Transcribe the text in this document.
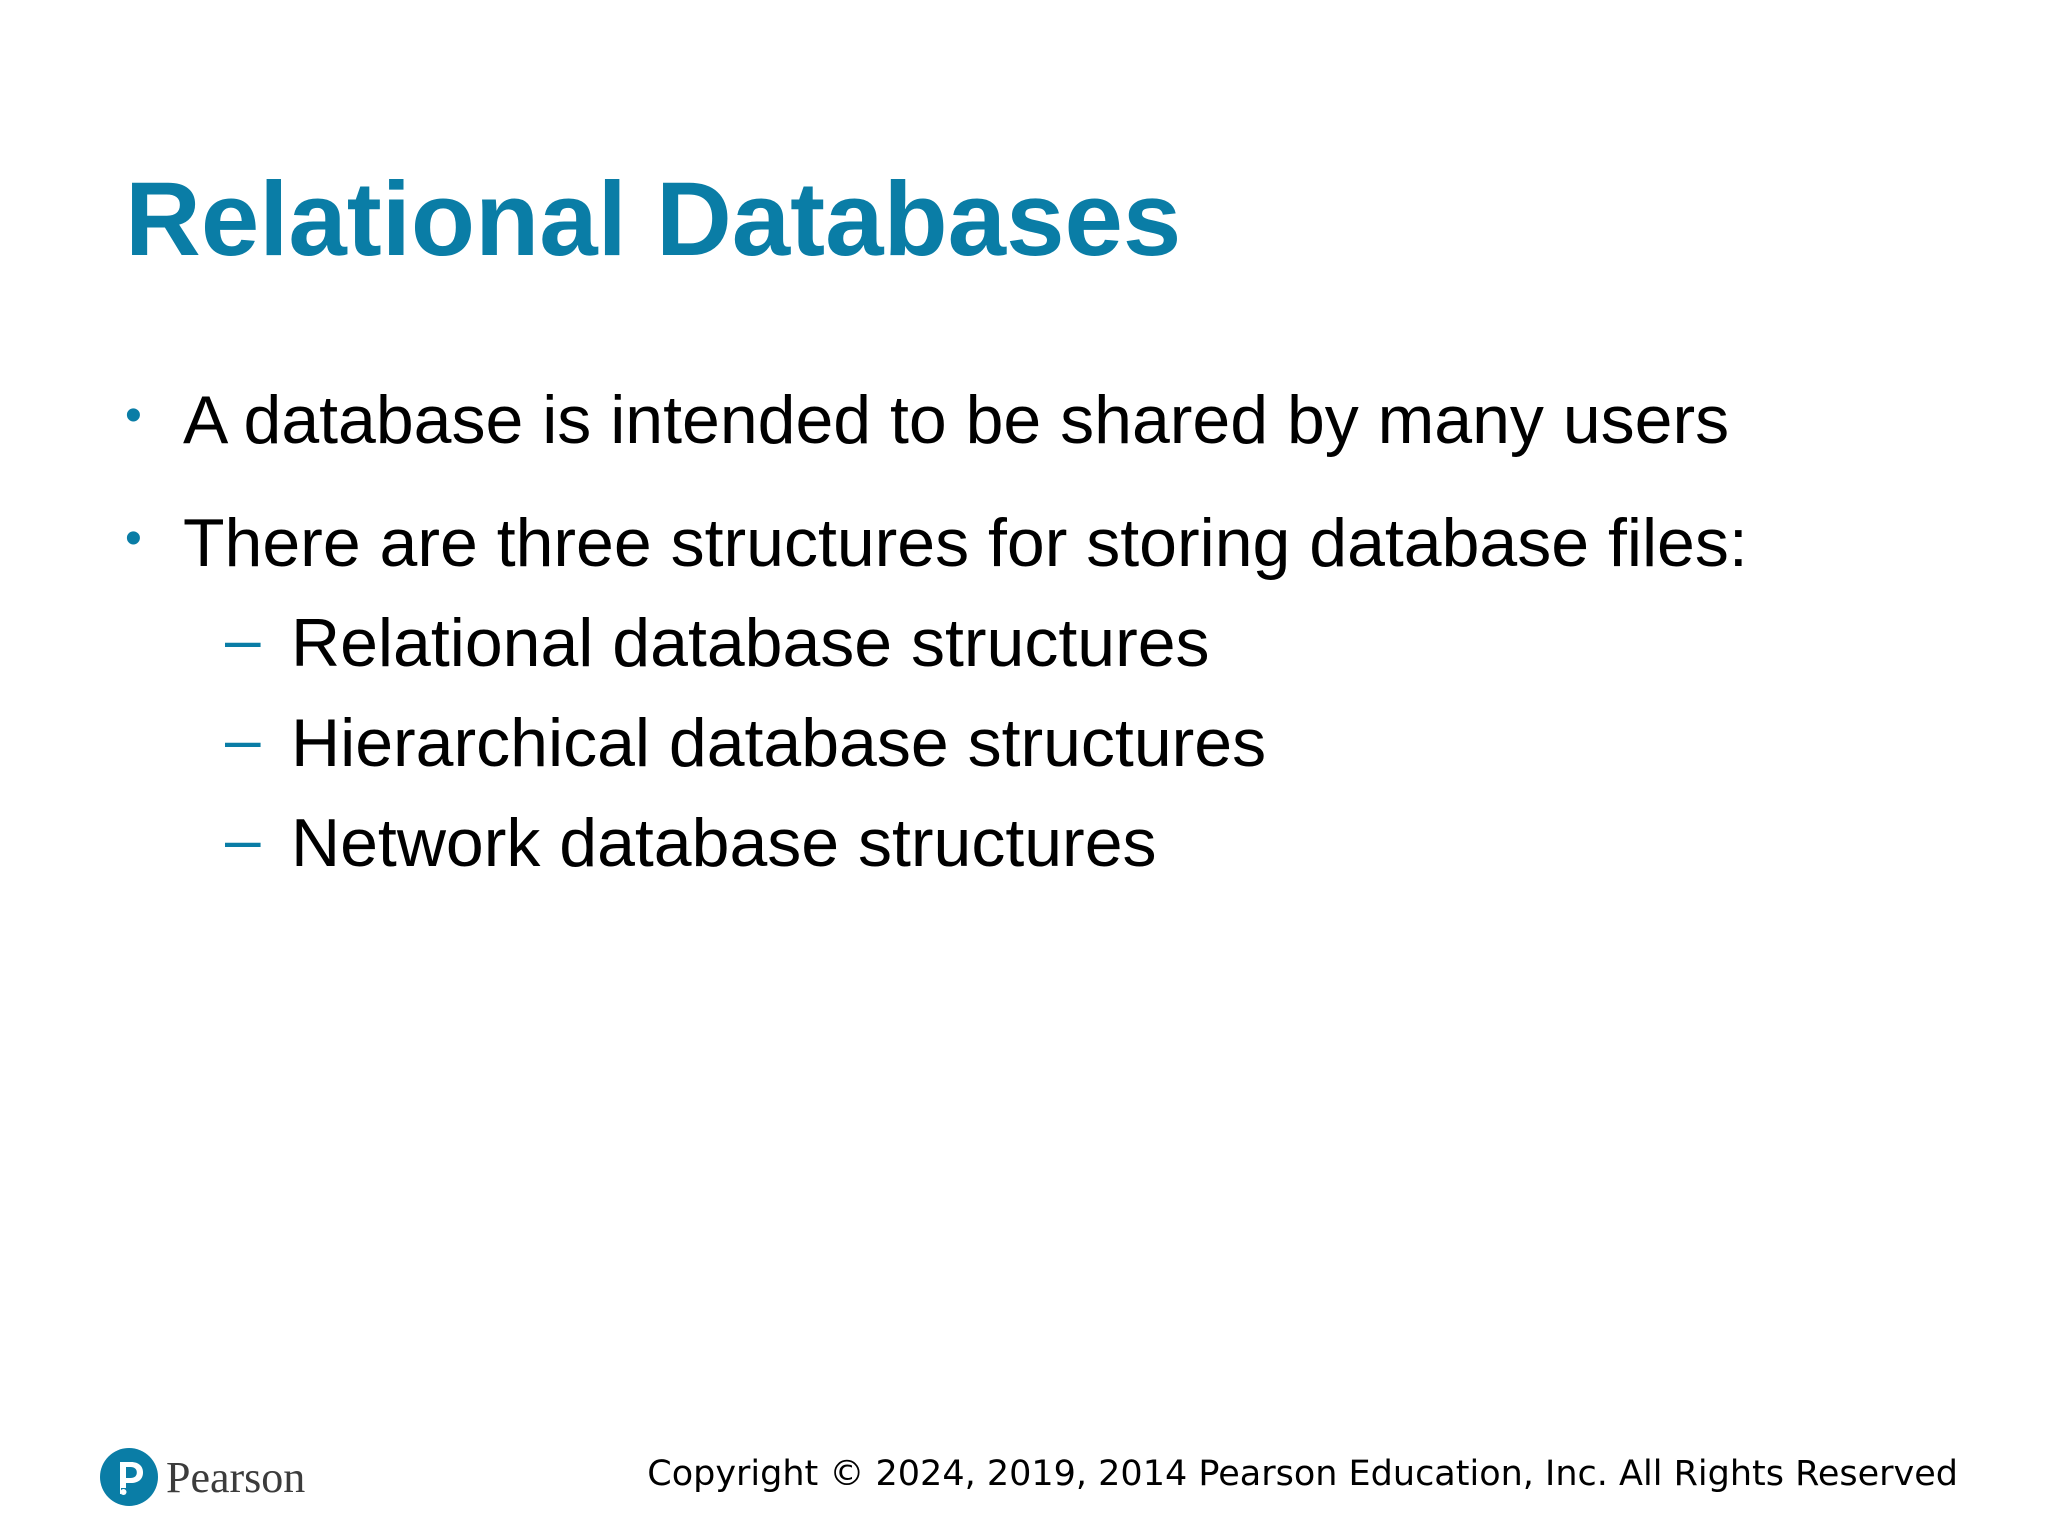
Relational Databases
• A database is intended to be shared by many users
• There are three structures for storing database files:
– Relational database structures
– Hierarchical database structures
– Network database structures
Pearson	Copyright © 2024, 2019, 2014 Pearson Education, Inc. All Rights Reserved
